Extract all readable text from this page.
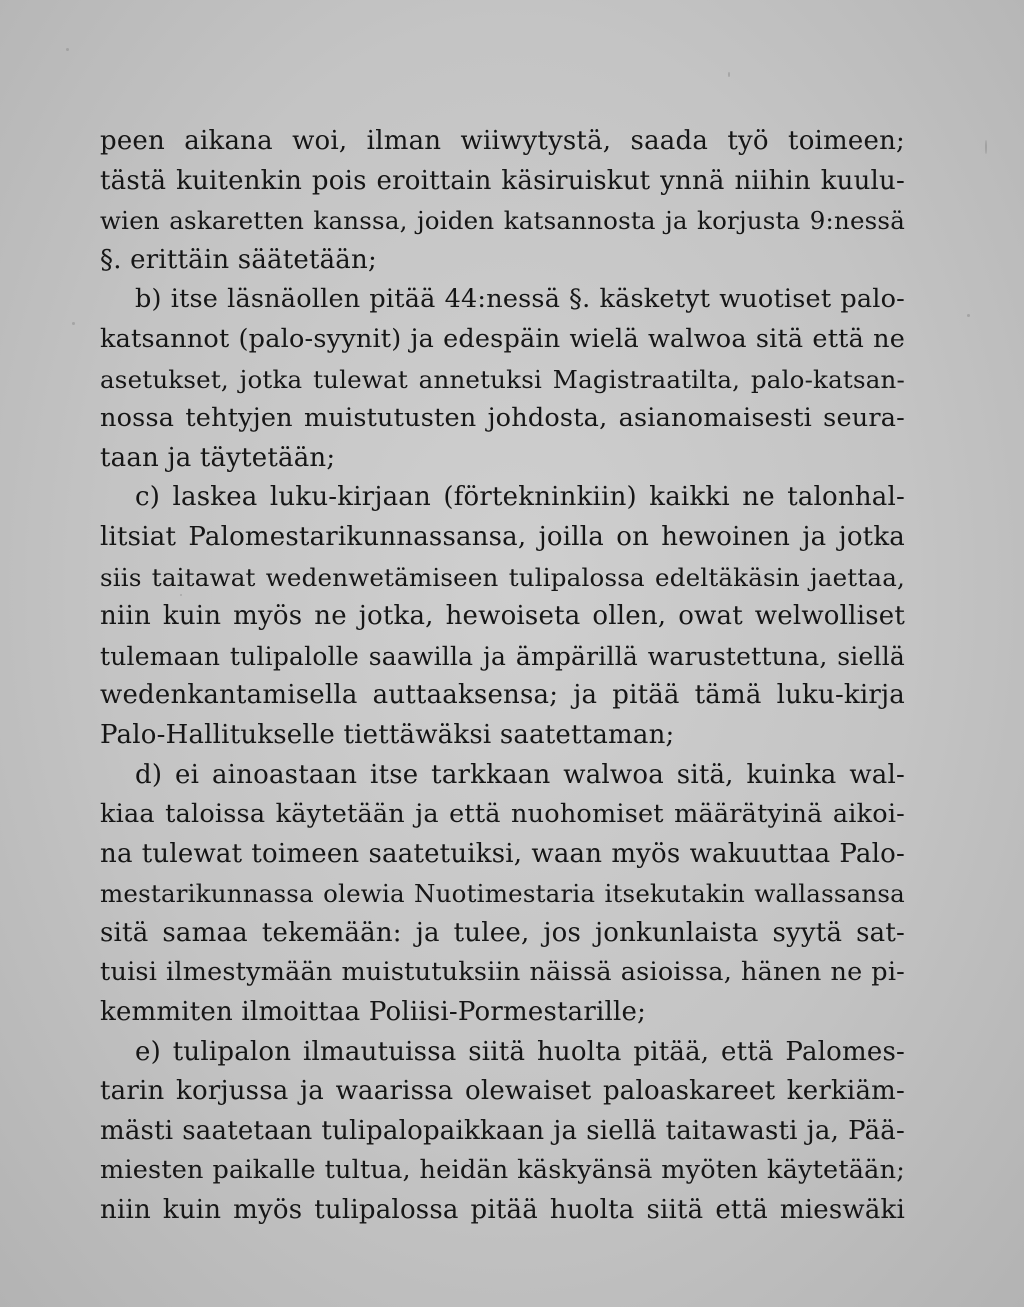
peen aikana woi, ilman wiiwytystä, saada työ toimeen;
tästä kuitenkin pois eroittain käsiruiskut ynnä niihin kuulu-
wien askaretten kanssa, joiden katsannosta ja korjusta 9:nessä
§. erittäin säätetään;
b) itse läsnäollen pitää 44:nessä §. käsketyt wuotiset palo-
katsannot (palo-syynit) ja edespäin wielä walwoa sitä että ne
asetukset, jotka tulewat annetuksi Magistraatilta, palo-katsan-
nossa tehtyjen muistutusten johdosta, asianomaisesti seura-
taan ja täytetään;
c) laskea luku-kirjaan (förtekninkiin) kaikki ne talonhal-
litsiat Palomestarikunnassansa, joilla on hewoinen ja jotka
siis taitawat wedenwetämiseen tulipalossa edeltäkäsin jaettaa,
niin kuin myös ne jotka, hewoiseta ollen, owat welwolliset
tulemaan tulipalolle saawilla ja ämpärillä warustettuna, siellä
wedenkantamisella auttaaksensa; ja pitää tämä luku-kirja
Palo-Hallitukselle tiettäwäksi saatettaman;
d) ei ainoastaan itse tarkkaan walwoa sitä, kuinka wal-
kiaa taloissa käytetään ja että nuohomiset määrätyinä aikoi-
na tulewat toimeen saatetuiksi, waan myös wakuuttaa Palo-
mestarikunnassa olewia Nuotimestaria itsekutakin wallassansa
sitä samaa tekemään: ja tulee, jos jonkunlaista syytä sat-
tuisi ilmestymään muistutuksiin näissä asioissa, hänen ne pi-
kemmiten ilmoittaa Poliisi-Pormestarille;
e) tulipalon ilmautuissa siitä huolta pitää, että Palomes-
tarin korjussa ja waarissa olewaiset paloaskareet kerkiäm-
mästi saatetaan tulipalopaikkaan ja siellä taitawasti ja, Pää-
miesten paikalle tultua, heidän käskyänsä myöten käytetään;
niin kuin myös tulipalossa pitää huolta siitä että mieswäki
